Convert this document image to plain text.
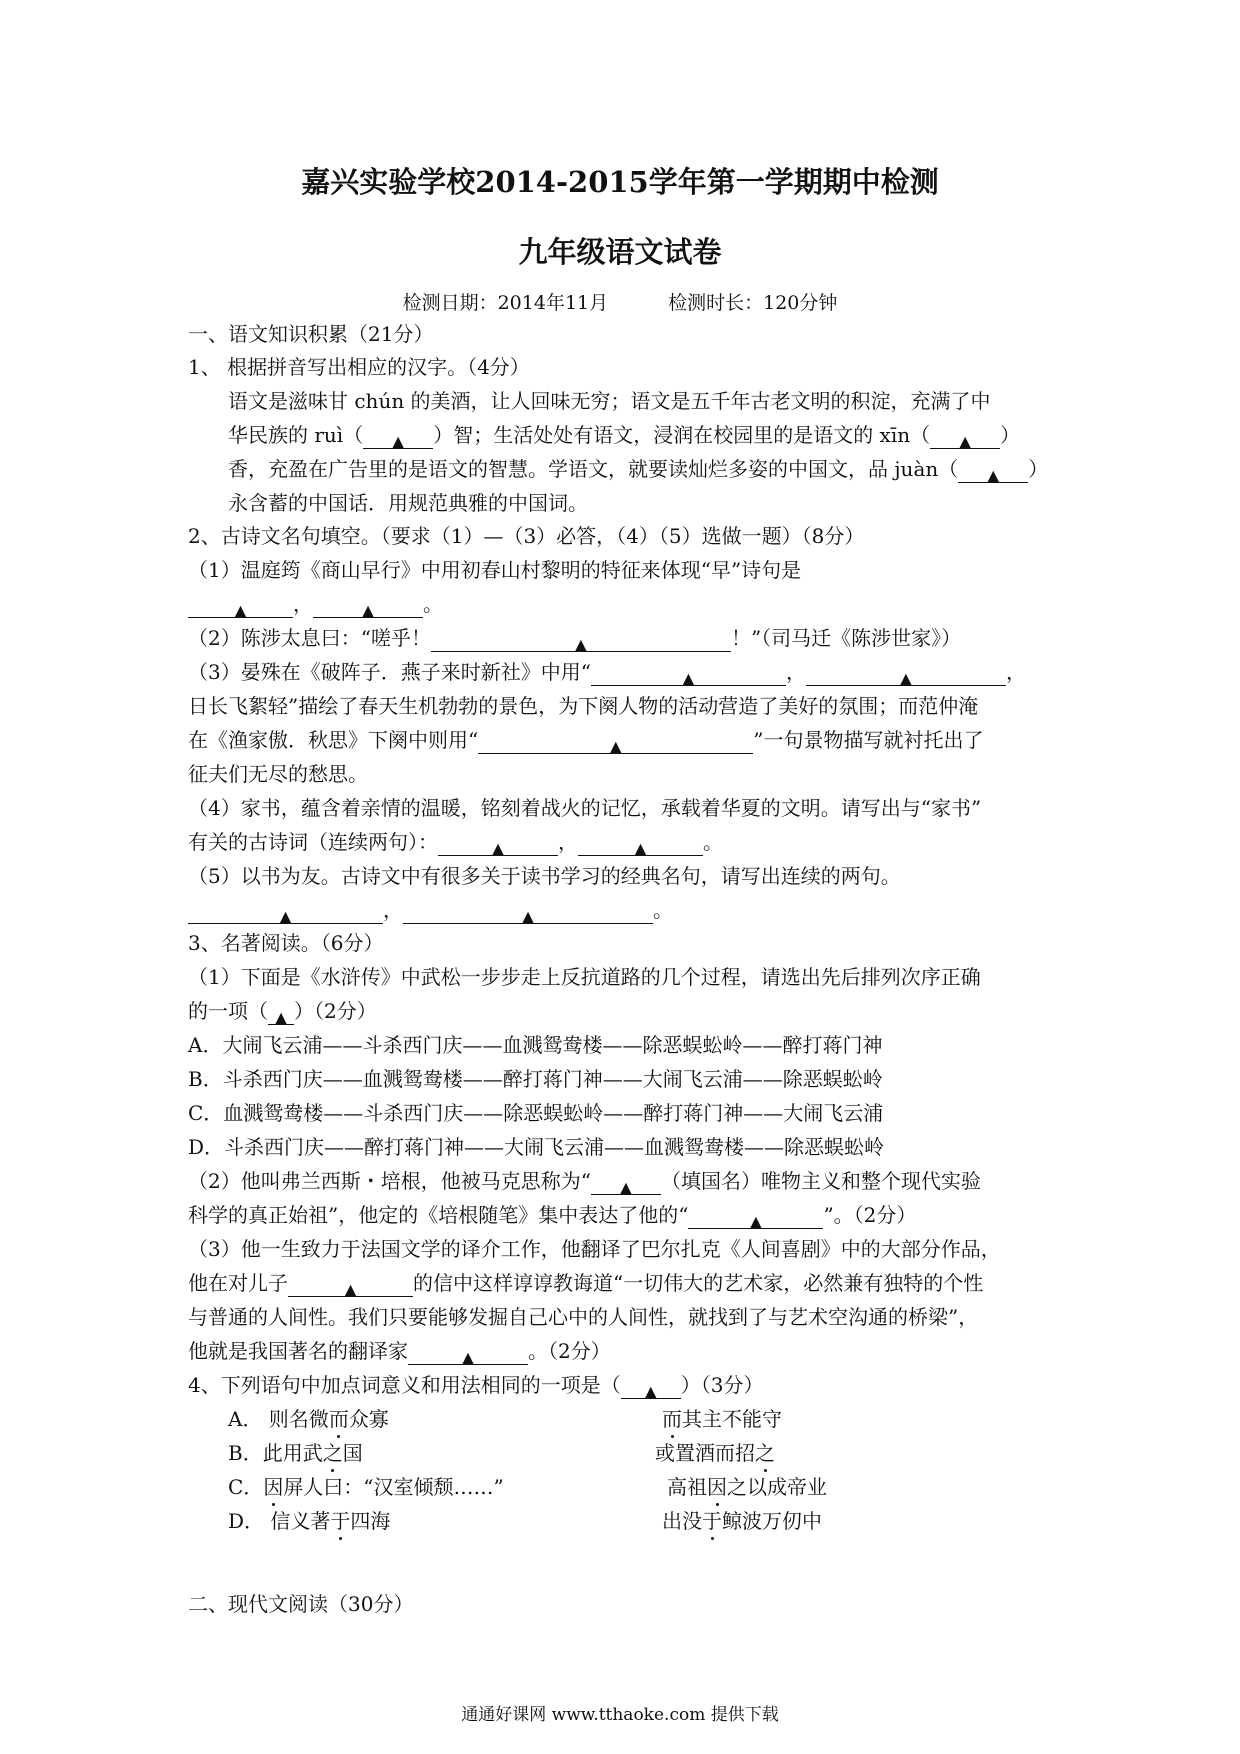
嘉兴实验学校2014-2015学年第一学期期中检测
九年级语文试卷
检测日期：2014年11月	检测时长：120分钟
一、语文知识积累（21分）
1、 根据拼音写出相应的汉字。（4分）
语文是滋味甘 chún 的美酒，让人回味无穷；语文是五千年古老文明的积淀，充满了中
华民族的 ruì（ ▲ ）智；生活处处有语文，浸润在校园里的是语文的 xīn（ ▲ ）
香，充盈在广告里的是语文的智慧。学语文，就要读灿烂多姿的中国文，品 juàn（ ▲ ）
永含蓄的中国话．用规范典雅的中国词。
2、古诗文名句填空。（要求（1）—（3）必答，（4）（5）选做一题）（8分）
（1）温庭筠《商山早行》中用初春山村黎明的特征来体现“早”诗句是
▲ ，	▲ 。
（2）陈涉太息曰：“嗟乎！	▲	！”（司马迁《陈涉世家》）
（3）晏殊在《破阵子．燕子来时新社》中用“	▲	，	▲	，
日长飞絮轻”描绘了春天生机勃勃的景色，为下阕人物的活动营造了美好的氛围；而范仲淹
在《渔家傲．秋思》下阕中则用“	▲	”一句景物描写就衬托出了
征夫们无尽的愁思。
（4）家书，蕴含着亲情的温暖，铭刻着战火的记忆，承载着华夏的文明。请写出与“家书”
有关的古诗词（连续两句）：	▲	，	▲	。
（5）以书为友。古诗文中有很多关于读书学习的经典名句，请写出连续的两句。
▲	，	▲	。
3、名著阅读。（6分）
（1）下面是《水浒传》中武松一步步走上反抗道路的几个过程，请选出先后排列次序正确
的一项（ ▲ ）（2分）
A．大闹飞云浦——斗杀西门庆——血溅鸳鸯楼——除恶蜈蚣岭——醉打蒋门神
B．斗杀西门庆——血溅鸳鸯楼——醉打蒋门神——大闹飞云浦——除恶蜈蚣岭
C．血溅鸳鸯楼——斗杀西门庆——除恶蜈蚣岭——醉打蒋门神——大闹飞云浦
D．斗杀西门庆——醉打蒋门神——大闹飞云浦——血溅鸳鸯楼——除恶蜈蚣岭
（2）他叫弗兰西斯・培根，他被马克思称为“ ▲ （填国名）唯物主义和整个现代实验
科学的真正始祖”，他定的《培根随笔》集中表达了他的“	▲	”。（2分）
（3）他一生致力于法国文学的译介工作，他翻译了巴尔扎克《人间喜剧》中的大部分作品，
他在对儿子	▲	的信中这样谆谆教诲道“一切伟大的艺术家，必然兼有独特的个性
与普通的人间性。我们只要能够发掘自己心中的人间性，就找到了与艺术空沟通的桥梁”，
他就是我国著名的翻译家	▲	。（2分）
4、下列语句中加点词意义和用法相同的一项是（ ▲ ）（3分）
A． 则名微而众寡	而其主不能守
B．此用武之国	或置酒而招之
C．因屏人曰：“汉室倾颓……”	高祖因之以成帝业
D． 信义著于四海	出没于鲸波万仞中
二、现代文阅读（30分）
通通好课网 www.tthaoke.com 提供下载
